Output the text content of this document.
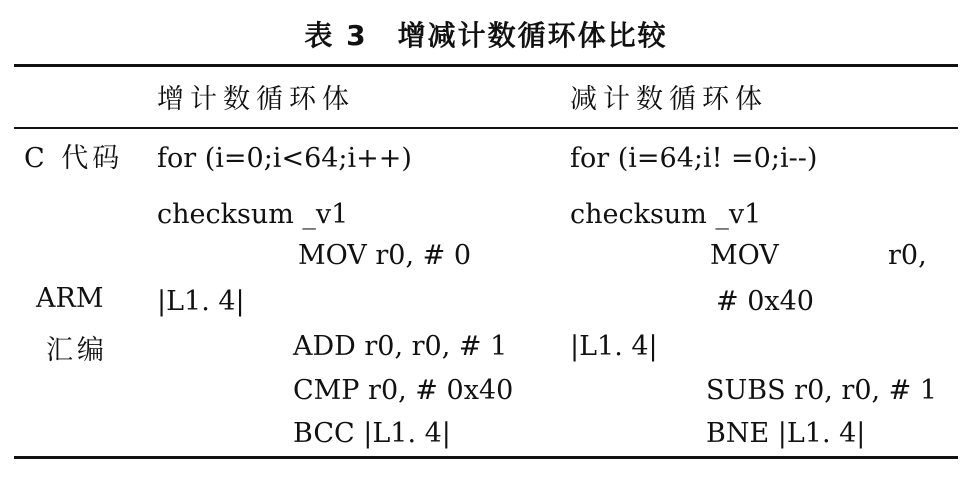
表 3　增减计数循环体比较
增计数循环体	减计数循环体
C 代码
ARM
汇编
for (i=0;i<64;i++)
checksum _v1
MOV r0, # 0
|L1. 4|
ADD r0, r0, # 1
CMP r0, # 0x40
BCC |L1. 4|
for (i=64;i! =0;i--)
checksum _v1
MOV	r0,
# 0x40
|L1. 4|
SUBS r0, r0, # 1
BNE |L1. 4|
